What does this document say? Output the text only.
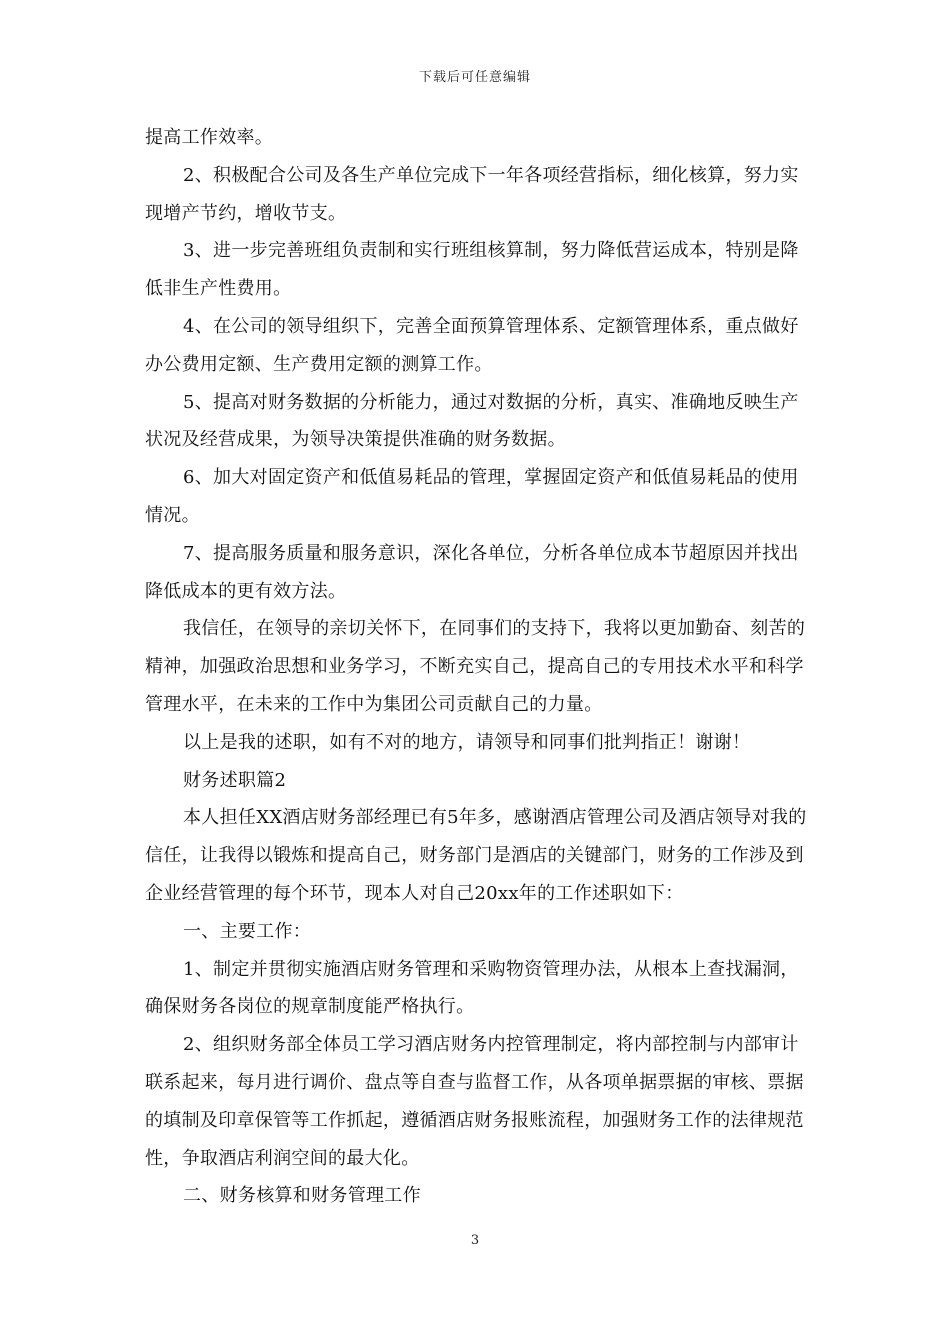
下载后可任意编辑

提高工作效率。

2、积极配合公司及各生产单位完成下一年各项经营指标，细化核算，努力实现增产节约，增收节支。

3、进一步完善班组负责制和实行班组核算制，努力降低营运成本，特别是降低非生产性费用。

4、在公司的领导组织下，完善全面预算管理体系、定额管理体系，重点做好办公费用定额、生产费用定额的测算工作。

5、提高对财务数据的分析能力，通过对数据的分析，真实、准确地反映生产状况及经营成果，为领导决策提供准确的财务数据。

6、加大对固定资产和低值易耗品的管理，掌握固定资产和低值易耗品的使用情况。

7、提高服务质量和服务意识，深化各单位，分析各单位成本节超原因并找出降低成本的更有效方法。

我信任，在领导的亲切关怀下，在同事们的支持下，我将以更加勤奋、刻苦的精神，加强政治思想和业务学习，不断充实自己，提高自己的专用技术水平和科学管理水平，在未来的工作中为集团公司贡献自己的力量。

以上是我的述职，如有不对的地方，请领导和同事们批判指正！谢谢！

财务述职篇2

本人担任XX酒店财务部经理已有5年多，感谢酒店管理公司及酒店领导对我的信任，让我得以锻炼和提高自己，财务部门是酒店的关键部门，财务的工作涉及到企业经营管理的每个环节，现本人对自己20xx年的工作述职如下：

一、主要工作：

1、制定并贯彻实施酒店财务管理和采购物资管理办法，从根本上查找漏洞，确保财务各岗位的规章制度能严格执行。

2、组织财务部全体员工学习酒店财务内控管理制定，将内部控制与内部审计联系起来，每月进行调价、盘点等自查与监督工作，从各项单据票据的审核、票据的填制及印章保管等工作抓起，遵循酒店财务报账流程，加强财务工作的法律规范性，争取酒店利润空间的最大化。

二、财务核算和财务管理工作

3
